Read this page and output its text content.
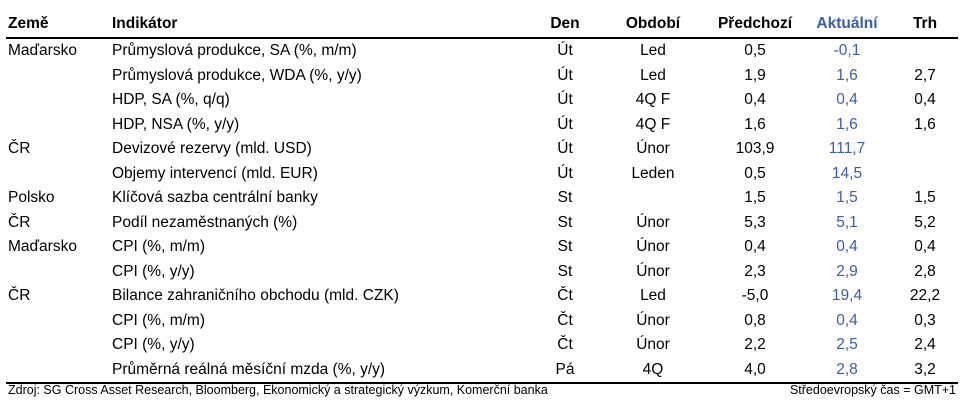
Země	Indikátor	Den	Období	Předchozí	Aktuální	Trh
Maďarsko	Průmyslová produkce, SA (%, m/m)	Út	Led	0,5	-0,1	
	Průmyslová produkce, WDA (%, y/y)	Út	Led	1,9	1,6	2,7
	HDP, SA (%, q/q)	Út	4Q F	0,4	0,4	0,4
	HDP, NSA (%, y/y)	Út	4Q F	1,6	1,6	1,6
ČR	Devizové rezervy (mld. USD)	Út	Únor	103,9	111,7	
	Objemy intervencí (mld. EUR)	Út	Leden	0,5	14,5	
Polsko	Klíčová sazba centrální banky	St		1,5	1,5	1,5
ČR	Podíl nezaměstnaných (%)	St	Únor	5,3	5,1	5,2
Maďarsko	CPI (%, m/m)	St	Únor	0,4	0,4	0,4
	CPI (%, y/y)	St	Únor	2,3	2,9	2,8
ČR	Bilance zahraničního obchodu (mld. CZK)	Čt	Led	-5,0	19,4	22,2
	CPI (%, m/m)	Čt	Únor	0,8	0,4	0,3
	CPI (%, y/y)	Čt	Únor	2,2	2,5	2,4
	Průměrná reálná měsíční mzda (%, y/y)	Pá	4Q	4,0	2,8	3,2
Zdroj: SG Cross Asset Research, Bloomberg, Ekonomický a strategický výzkum, Komerční banka	Středoevropský čas = GMT+1
